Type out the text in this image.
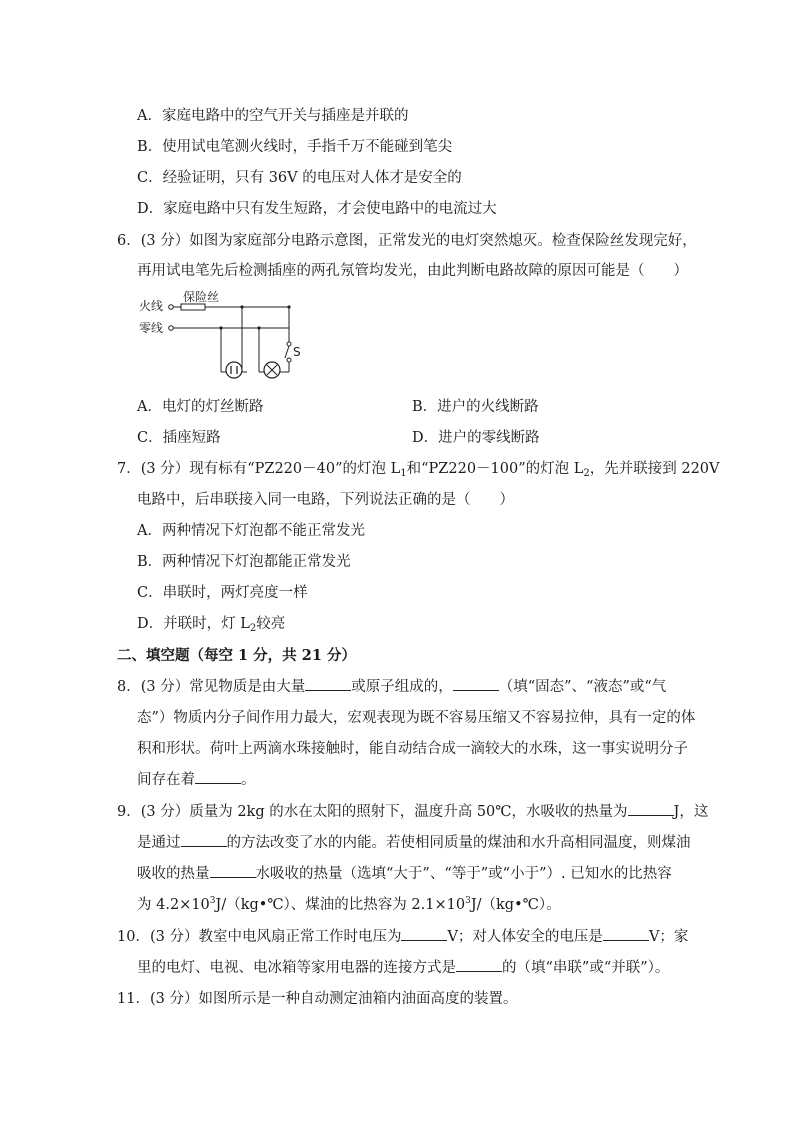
A．家庭电路中的空气开关与插座是并联的
B．使用试电笔测火线时，手指千万不能碰到笔尖
C．经验证明，只有 36V 的电压对人体才是安全的
D．家庭电路中只有发生短路，才会使电路中的电流过大
6．(3 分）如图为家庭部分电路示意图，正常发光的电灯突然熄灭。检查保险丝发现完好，
再用试电笔先后检测插座的两孔氖管均发光，由此判断电路故障的原因可能是（　　）
火线
零线
保险丝
S
A．电灯的灯丝断路	B．进户的火线断路
C．插座短路	D．进户的零线断路
7．(3 分）现有标有“PZ220－40”的灯泡 $L_1$和“PZ220－100”的灯泡 $L_2$，先并联接到 220V
电路中，后串联接入同一电路，下列说法正确的是（　　）
A．两种情况下灯泡都不能正常发光
B．两种情况下灯泡都能正常发光
C．串联时，两灯亮度一样
D．并联时，灯 $L_2$较亮
二、填空题（每空 1 分，共 21 分）
8．(3 分）常见物质是由大量	或原子组成的，	（填“固态”、“液态”或“气
态”）物质内分子间作用力最大，宏观表现为既不容易压缩又不容易拉伸，具有一定的体
积和形状。荷叶上两滴水珠接触时，能自动结合成一滴较大的水珠，这一事实说明分子
间存在着	。
9．(3 分）质量为 2kg 的水在太阳的照射下，温度升高 50℃，水吸收的热量为	J，这
是通过	的方法改变了水的内能。若使相同质量的煤油和水升高相同温度，则煤油
吸收的热量	水吸收的热量（选填“大于”、“等于”或“小于”）. 已知水的比热容
为 $4.2\times 10^3J/(kg•℃)$、煤油的比热容为 $2.1\times 10^3J/(kg•℃)$。
10．(3 分）教室中电风扇正常工作时电压为	V；对人体安全的电压是	V；家
里的电灯、电视、电冰箱等家用电器的连接方式是	的（填“串联”或“并联”）。
11．(3 分）如图所示是一种自动测定油箱内油面高度的装置。
